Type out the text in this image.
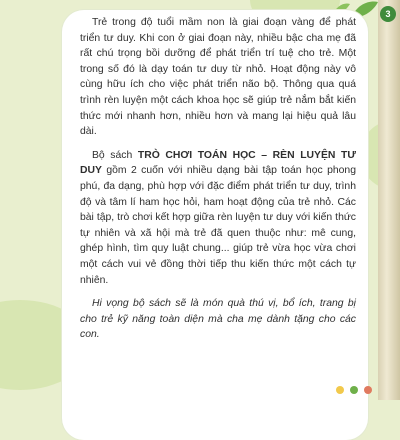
Trẻ trong độ tuổi mầm non là giai đoạn vàng để phát triển tư duy. Khi con ở giai đoạn này, nhiều bậc cha mẹ đã rất chú trọng bồi dưỡng để phát triển trí tuệ cho trẻ. Một trong số đó là dạy toán tư duy từ nhỏ. Hoạt động này vô cùng hữu ích cho việc phát triển não bộ. Thông qua quá trình rèn luyện một cách khoa học sẽ giúp trẻ nắm bắt kiến thức mới nhanh hơn, nhiều hơn và mang lại hiệu quả lâu dài.

Bộ sách TRÒ CHƠI TOÁN HỌC – RÈN LUYỆN TƯ DUY gồm 2 cuốn với nhiều dạng bài tập toán học phong phú, đa dạng, phù hợp với đặc điểm phát triển tư duy, trình độ và tâm lí ham học hỏi, ham hoạt động của trẻ nhỏ. Các bài tập, trò chơi kết hợp giữa rèn luyện tư duy với kiến thức tự nhiên và xã hội mà trẻ đã quen thuộc như: mê cung, ghép hình, tìm quy luật chung... giúp trẻ vừa học vừa chơi một cách vui vẻ đồng thời tiếp thu kiến thức một cách tự nhiên.

Hi vọng bộ sách sẽ là món quà thú vị, bổ ích, trang bị cho trẻ kỹ năng toàn diện mà cha mẹ dành tặng cho các con.

3
